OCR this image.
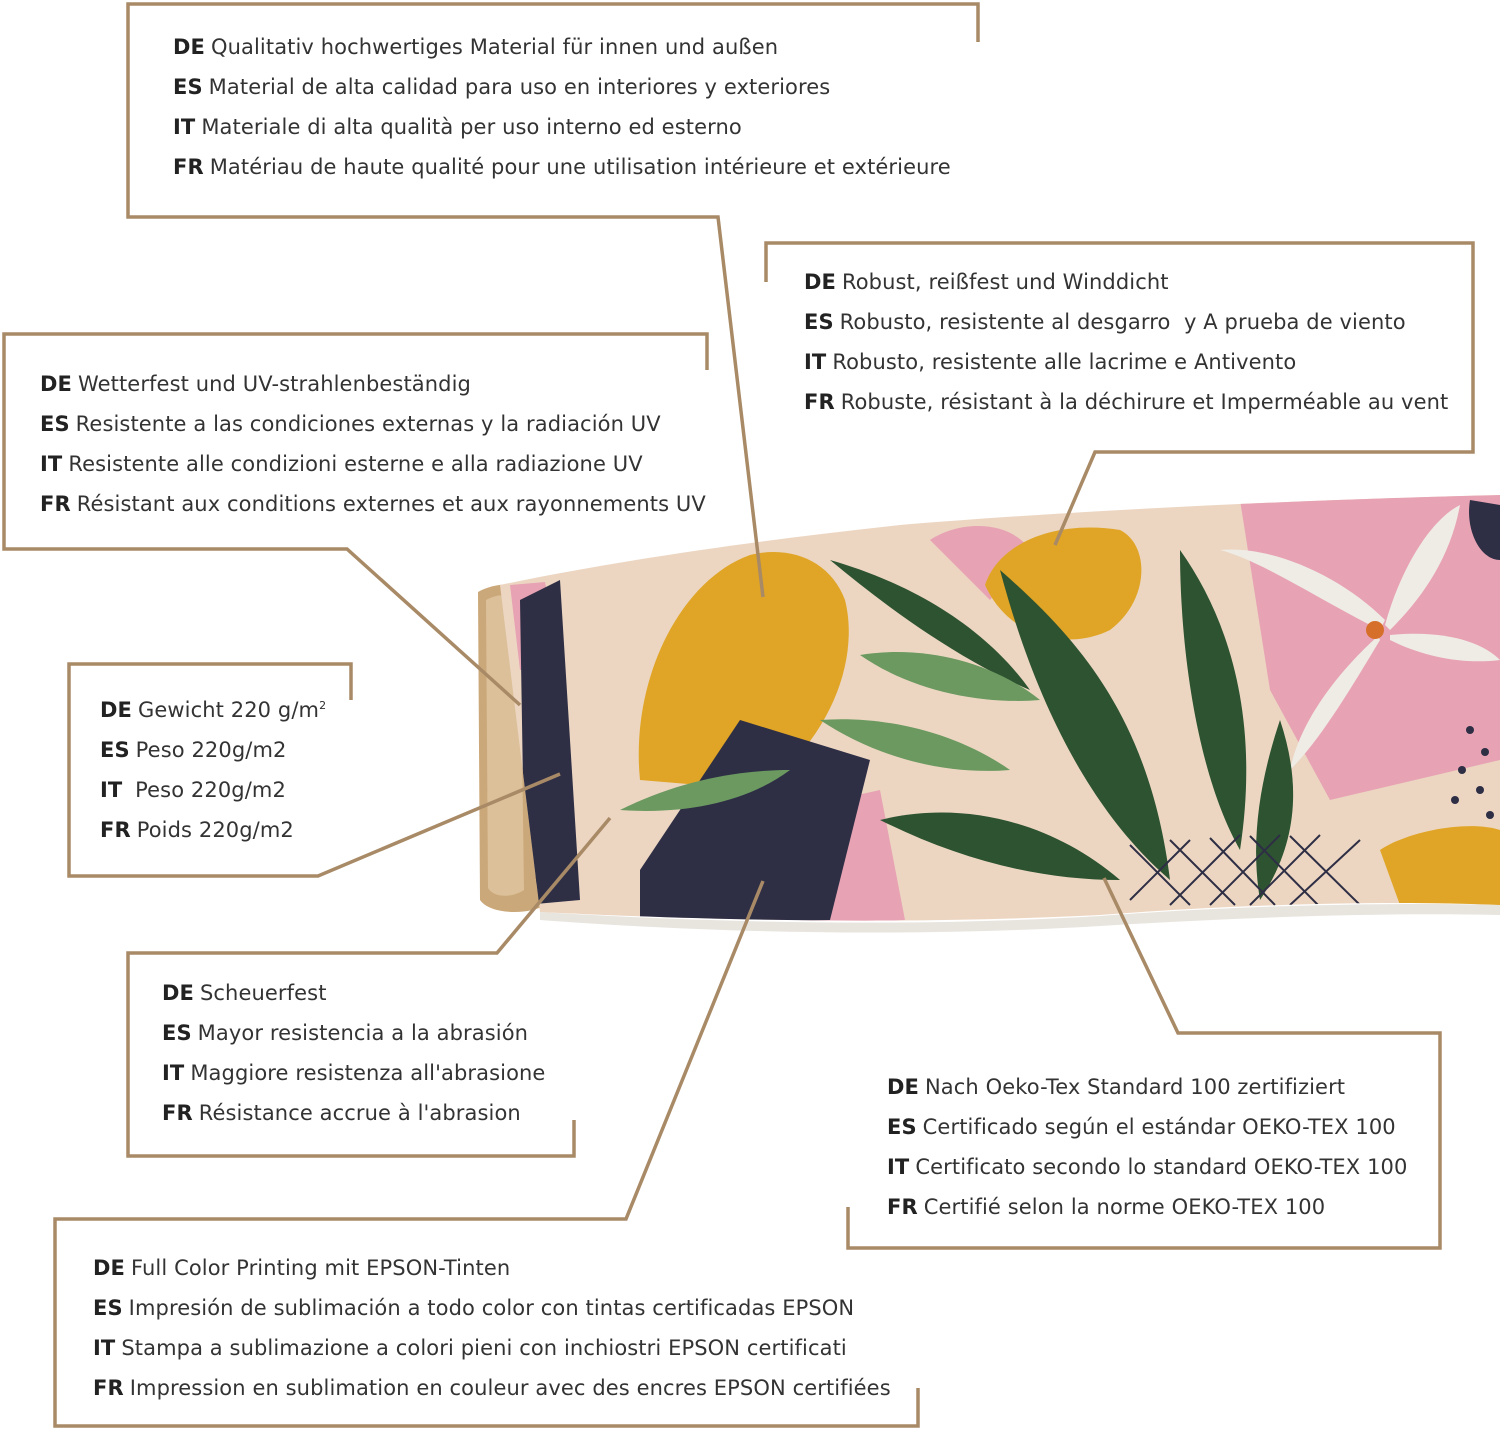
DE Qualitativ hochwertiges Material für innen und außen
ES Material de alta calidad para uso en interiores y exteriores
IT Materiale di alta qualità per uso interno ed esterno
FR Matériau de haute qualité pour une utilisation intérieure et extérieure
DE Robust, reißfest und Winddicht
ES Robusto, resistente al desgarro  y A prueba de viento
IT Robusto, resistente alle lacrime e Antivento
FR Robuste, résistant à la déchirure et Imperméable au vent
DE Wetterfest und UV-strahlenbeständig
ES Resistente a las condiciones externas y la radiación UV
IT Resistente alle condizioni esterne e alla radiazione UV
FR Résistant aux conditions externes et aux rayonnements UV
DE Gewicht 220 $g/m^2$
ES Peso 220g/m2
IT Peso 220g/m2
FR Poids 220g/m2
DE Scheuerfest
ES Mayor resistencia a la abrasión
IT Maggiore resistenza all'abrasione
FR Résistance accrue à l'abrasion
DE Nach Oeko-Tex Standard 100 zertifiziert
ES Certificado según el estándar OEKO-TEX 100
IT Certificato secondo lo standard OEKO-TEX 100
FR Certifié selon la norme OEKO-TEX 100
DE Full Color Printing mit EPSON-Tinten
ES Impresión de sublimación a todo color con tintas certificadas EPSON
IT Stampa a sublimazione a colori pieni con inchiostri EPSON certificati
FR Impression en sublimation en couleur avec des encres EPSON certifiées
